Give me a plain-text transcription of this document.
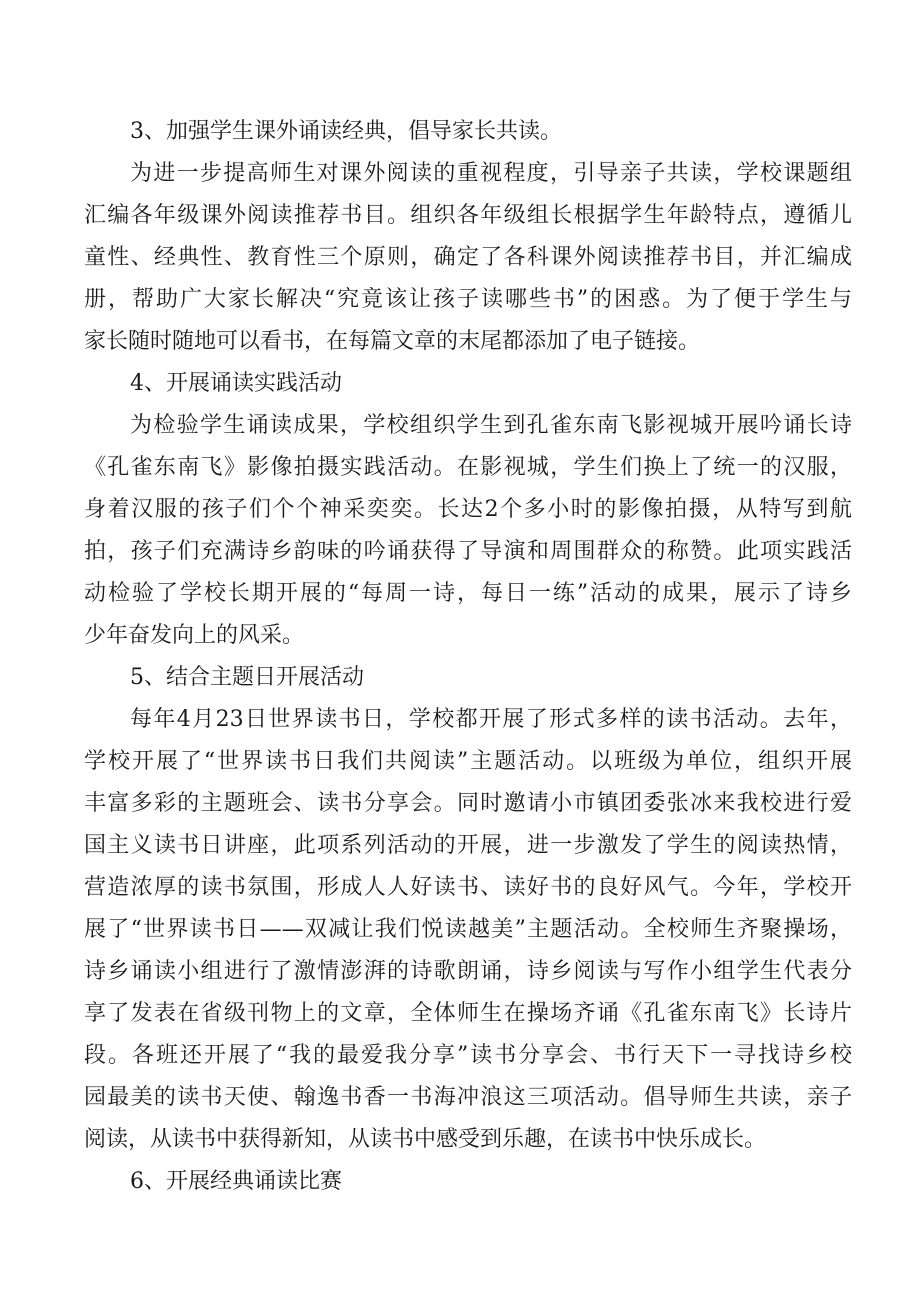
3、加强学生课外诵读经典，倡导家长共读。
为进一步提高师生对课外阅读的重视程度，引导亲子共读，学校课题组
汇编各年级课外阅读推荐书目。组织各年级组长根据学生年龄特点，遵循儿
童性、经典性、教育性三个原则，确定了各科课外阅读推荐书目，并汇编成
册，帮助广大家长解决“究竟该让孩子读哪些书”的困惑。为了便于学生与
家长随时随地可以看书，在每篇文章的末尾都添加了电子链接。
4、开展诵读实践活动
为检验学生诵读成果，学校组织学生到孔雀东南飞影视城开展吟诵长诗
《孔雀东南飞》影像拍摄实践活动。在影视城，学生们换上了统一的汉服，
身着汉服的孩子们个个神采奕奕。长达2个多小时的影像拍摄，从特写到航
拍，孩子们充满诗乡韵味的吟诵获得了导演和周围群众的称赞。此项实践活
动检验了学校长期开展的“每周一诗，每日一练”活动的成果，展示了诗乡
少年奋发向上的风采。
5、结合主题日开展活动
每年4月23日世界读书日，学校都开展了形式多样的读书活动。去年，
学校开展了“世界读书日我们共阅读”主题活动。以班级为单位，组织开展
丰富多彩的主题班会、读书分享会。同时邀请小市镇团委张冰来我校进行爱
国主义读书日讲座，此项系列活动的开展，进一步激发了学生的阅读热情，
营造浓厚的读书氛围，形成人人好读书、读好书的良好风气。今年，学校开
展了“世界读书日——双减让我们悦读越美”主题活动。全校师生齐聚操场，
诗乡诵读小组进行了激情澎湃的诗歌朗诵，诗乡阅读与写作小组学生代表分
享了发表在省级刊物上的文章，全体师生在操场齐诵《孔雀东南飞》长诗片
段。各班还开展了“我的最爱我分享”读书分享会、书行天下一寻找诗乡校
园最美的读书天使、翰逸书香一书海冲浪这三项活动。倡导师生共读，亲子
阅读，从读书中获得新知，从读书中感受到乐趣，在读书中快乐成长。
6、开展经典诵读比赛
